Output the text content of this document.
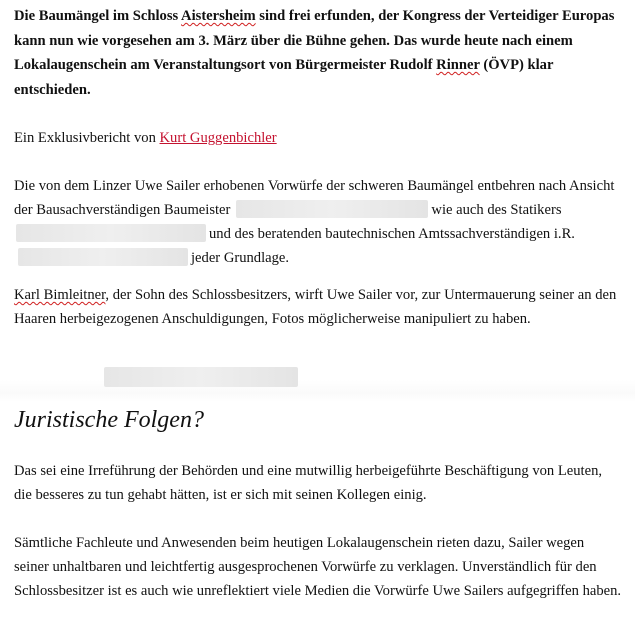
Die Baumängel im Schloss Aistersheim sind frei erfunden, der Kongress der Verteidiger Europas kann nun wie vorgesehen am 3. März über die Bühne gehen. Das wurde heute nach einem Lokalaugenschein am Veranstaltungsort von Bürgermeister Rudolf Rinner (ÖVP) klar entschieden.

Ein Exklusivbericht von Kurt Guggenbichler

Die von dem Linzer Uwe Sailer erhobenen Vorwürfe der schweren Baumängel entbehren nach Ansicht der Bausachverständigen Baumeister	wie auch des Statikersund des beratenden bautechnischen Amtssachverständigen i.R.jeder Grundlage.

Karl Bimleitner, der Sohn des Schlossbesitzers, wirft Uwe Sailer vor, zur Untermauerung seiner an den Haaren herbeigezogenen Anschuldigungen, Fotos möglicherweise manipuliert zu haben.

Juristische Folgen?

Das sei eine Irreführung der Behörden und eine mutwillig herbeigeführte Beschäftigung von Leuten, die besseres zu tun gehabt hätten, ist er sich mit seinen Kollegen einig.

Sämtliche Fachleute und Anwesenden beim heutigen Lokalaugenschein rieten dazu, Sailer wegen seiner unhaltbaren und leichtfertig ausgesprochenen Vorwürfe zu verklagen. Unverständlich für den Schlossbesitzer ist es auch wie unreflektiert viele Medien die Vorwürfe Uwe Sailers aufgegriffen haben.
